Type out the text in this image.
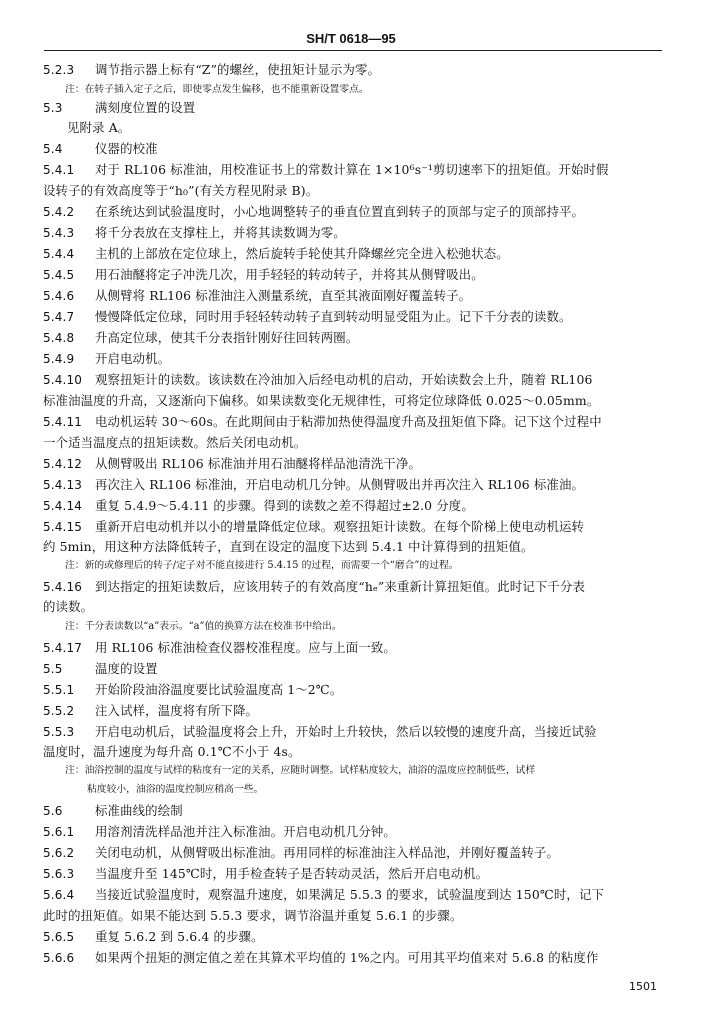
SH/T 0618—95
5.2.3 调节指示器上标有“Z”的螺丝，使扭矩计显示为零。
注：在转子插入定子之后，即使零点发生偏移，也不能重新设置零点。
5.3	满刻度位置的设置
见附录 A。
5.4	仪器的校准
5.4.1 对于 RL106 标准油，用校准证书上的常数计算在 1×10⁶s⁻¹剪切速率下的扭矩值。开始时假
设转子的有效高度等于“h₀”(有关方程见附录 B)。
5.4.2 在系统达到试验温度时，小心地调整转子的垂直位置直到转子的顶部与定子的顶部持平。
5.4.3 将千分表放在支撑柱上，并将其读数调为零。
5.4.4 主机的上部放在定位球上，然后旋转手轮使其升降螺丝完全进入松弛状态。
5.4.5 用石油醚将定子冲洗几次，用手轻轻的转动转子，并将其从侧臂吸出。
5.4.6 从侧臂将 RL106 标准油注入测量系统，直至其液面刚好覆盖转子。
5.4.7 慢慢降低定位球，同时用手轻轻转动转子直到转动明显受阻为止。记下千分表的读数。
5.4.8 升高定位球，使其千分表指针刚好往回转两圈。
5.4.9 开启电动机。
5.4.10 观察扭矩计的读数。该读数在冷油加入后经电动机的启动，开始读数会上升，随着 RL106
标准油温度的升高，又逐渐向下偏移。如果读数变化无规律性，可将定位球降低 0.025～0.05mm。
5.4.11 电动机运转 30～60s。在此期间由于粘滞加热使得温度升高及扭矩值下降。记下这个过程中
一个适当温度点的扭矩读数。然后关闭电动机。
5.4.12 从侧臂吸出 RL106 标准油并用石油醚将样品池清洗干净。
5.4.13 再次注入 RL106 标准油，开启电动机几分钟。从侧臂吸出并再次注入 RL106 标准油。
5.4.14 重复 5.4.9～5.4.11 的步骤。得到的读数之差不得超过±2.0 分度。
5.4.15 重新开启电动机并以小的增量降低定位球。观察扭矩计读数。在每个阶梯上使电动机运转
约 5min，用这种方法降低转子，直到在设定的温度下达到 5.4.1 中计算得到的扭矩值。
注：新的或修理后的转子/定子对不能直接进行 5.4.15 的过程，而需要一个“磨合”的过程。
5.4.16 到达指定的扭矩读数后，应该用转子的有效高度“hₑ”来重新计算扭矩值。此时记下千分表
的读数。
注：千分表读数以“a”表示。“a”值的换算方法在校准书中给出。
5.4.17 用 RL106 标准油检查仪器校准程度。应与上面一致。
5.5	温度的设置
5.5.1 开始阶段油浴温度要比试验温度高 1～2℃。
5.5.2 注入试样，温度将有所下降。
5.5.3 开启电动机后，试验温度将会上升，开始时上升较快，然后以较慢的速度升高，当接近试验
温度时，温升速度为每升高 0.1℃不小于 4s。
注：油浴控制的温度与试样的粘度有一定的关系，应随时调整。试样粘度较大，油浴的温度应控制低些，试样
粘度较小，油浴的温度控制应稍高一些。
5.6	标准曲线的绘制
5.6.1 用溶剂清洗样品池并注入标准油。开启电动机几分钟。
5.6.2 关闭电动机，从侧臂吸出标准油。再用同样的标准油注入样品池，并刚好覆盖转子。
5.6.3 当温度升至 145℃时，用手检查转子是否转动灵活，然后开启电动机。
5.6.4 当接近试验温度时，观察温升速度，如果满足 5.5.3 的要求，试验温度到达 150℃时，记下
此时的扭矩值。如果不能达到 5.5.3 要求，调节浴温并重复 5.6.1 的步骤。
5.6.5 重复 5.6.2 到 5.6.4 的步骤。
5.6.6 如果两个扭矩的测定值之差在其算术平均值的 1%之内。可用其平均值来对 5.6.8 的粘度作
1501
